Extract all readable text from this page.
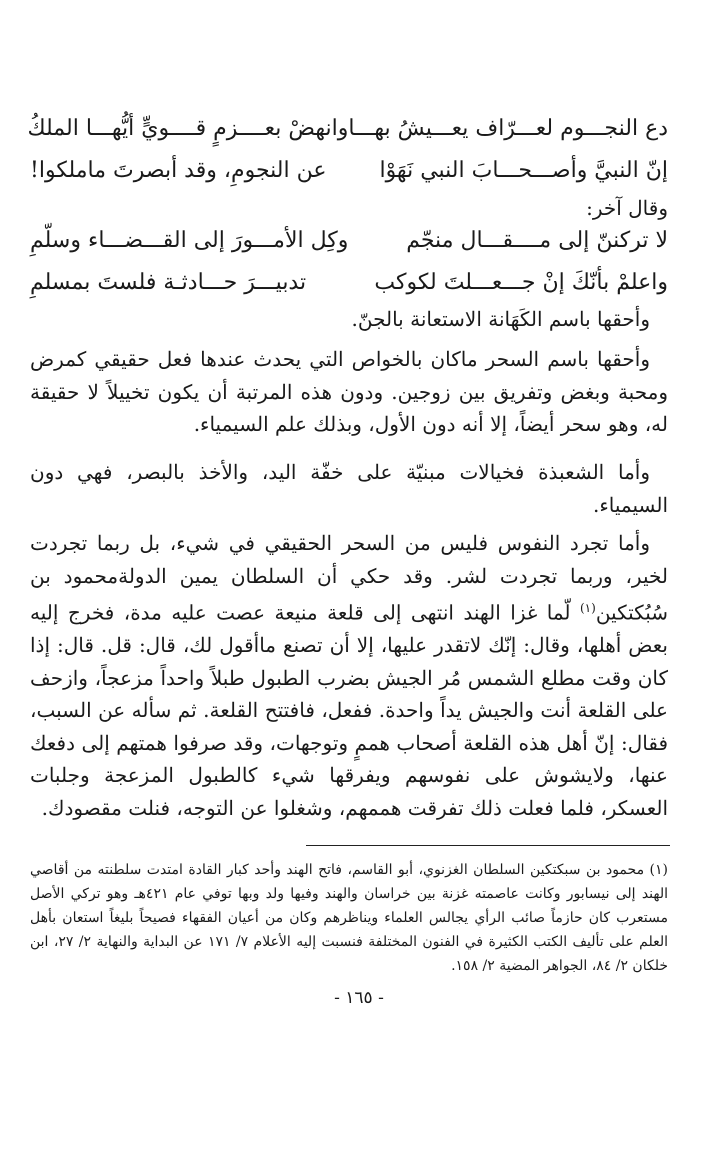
دع النجـــوم لعـــرّاف يعـــيشُ بهـــا
وانهضْ بعــــزمٍ قــــويٍّ أيُّهـــا الملكُ
إنّ النبيَّ وأصـــحـــابَ النبي نَهَوْا
عن النجومِ، وقد أبصرتَ ماملكوا!
وقال آخر:
لا تركننّ إلى مــــقـــال منجّم
وكِل الأمـــورَ إلى القـــضـــاء وسلّمِ
واعلمْ بأنّكَ إنْ جـــعـــلتَ لكوكب
تدبيـــرَ حـــادثـة فلستَ بمسلمِ
وأحقها باسم الكَهَانة الاستعانة بالجنّ.
وأحقها باسم السحر ماكان بالخواص التي يحدث عندها فعل حقيقي كمرض ومحبة وبغض وتفريق بين زوجين. ودون هذه المرتبة أن يكون تخييلاً لا حقيقة له، وهو سحر أيضاً، إلا أنه دون الأول، وبذلك علم السيمياء.
وأما الشعبذة فخيالات مبنيّة على خفّة اليد، والأخذ بالبصر، فهي دون السيمياء.
وأما تجرد النفوس فليس من السحر الحقيقي في شيء، بل ربما تجردت لخير، وربما تجردت لشر. وقد حكي أن السلطان يمين الدولةمحمود بن سُبُكتكين$^{(١)}$ لّما غزا الهند انتهى إلى قلعة منيعة عصت عليه مدة، فخرج إليه بعض أهلها، وقال: إنّك لاتقدر عليها، إلا أن تصنع ماأقول لك، قال: قل. قال: إذا كان وقت مطلع الشمس مُر الجيش بضرب الطبول طبلاً واحداً مزعجاً، وازحف على القلعة أنت والجيش يداً واحدة. ففعل، فافتتح القلعة. ثم سأله عن السبب، فقال: إنّ أهل هذه القلعة أصحاب هممٍ وتوجهات، وقد صرفوا همتهم إلى دفعك عنها، ولايشوش على نفوسهم ويفرقها شيء كالطبول المزعجة وجلبات العسكر، فلما فعلت ذلك تفرقت هممهم، وشغلوا عن التوجه، فنلت مقصودك.
(١) محمود بن سبكتكين السلطان الغزنوي، أبو القاسم، فاتح الهند وأحد كبار القادة امتدت سلطنته من أقاصي الهند إلى نيسابور وكانت عاصمته غزنة بين خراسان والهند وفيها ولد وبها توفي عام ٤٢١هـ وهو تركي الأصل مستعرب كان حازماً صائب الرأي يجالس العلماء ويناظرهم وكان من أعيان الفقهاء فصيحاً بليغاً استعان بأهل العلم على تأليف الكتب الكثيرة في الفنون المختلفة فنسبت إليه الأعلام ٧/ ١٧١ عن البداية والنهاية ٢/ ٢٧، ابن خلكان ٢/ ٨٤، الجواهر المضية ٢/ ١٥٨.
- ١٦٥ -
